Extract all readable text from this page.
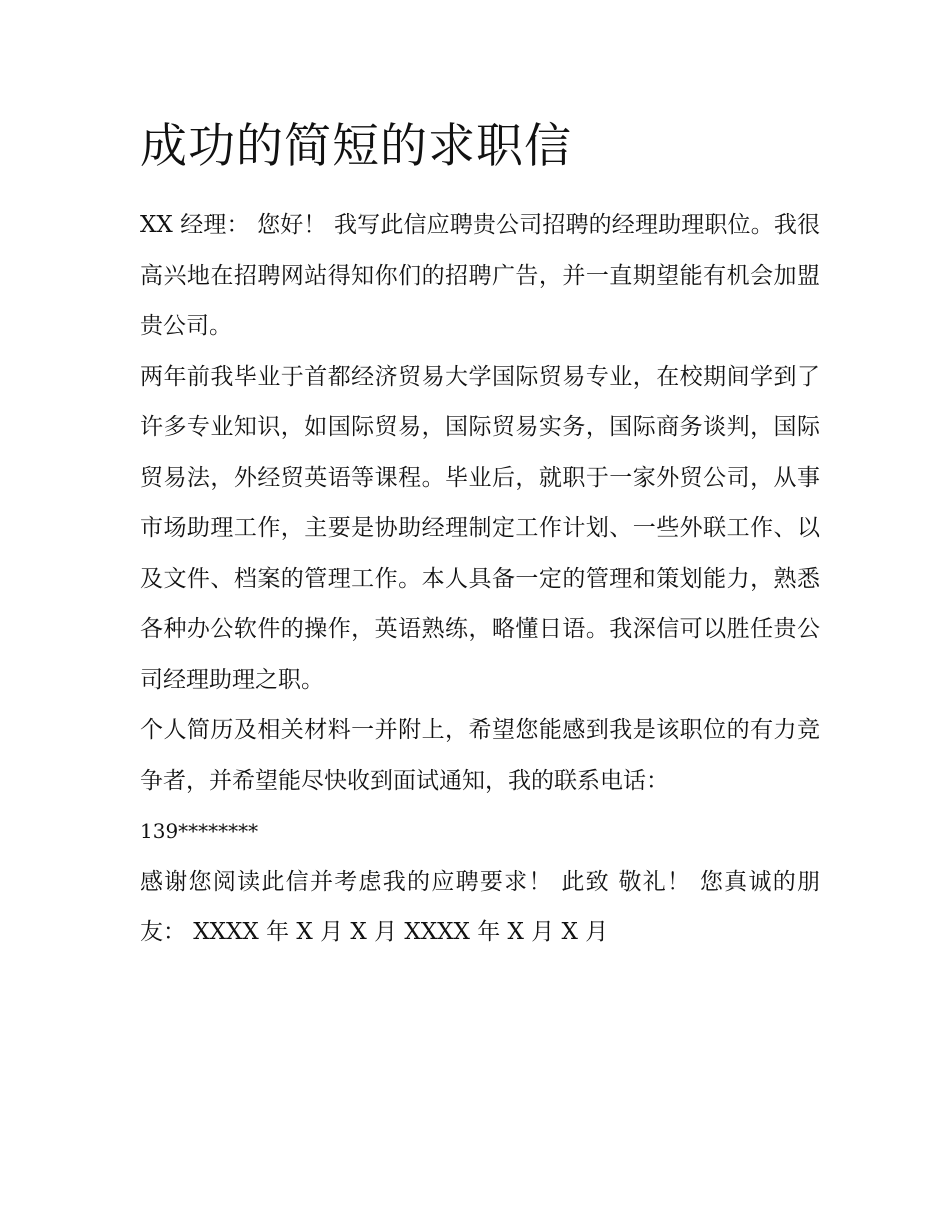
成功的简短的求职信

XX 经理： 您好！ 我写此信应聘贵公司招聘的经理助理职位。我很高兴地在招聘网站得知你们的招聘广告，并一直期望能有机会加盟贵公司。

两年前我毕业于首都经济贸易大学国际贸易专业，在校期间学到了许多专业知识，如国际贸易，国际贸易实务，国际商务谈判，国际贸易法，外经贸英语等课程。毕业后，就职于一家外贸公司，从事市场助理工作，主要是协助经理制定工作计划、一些外联工作、以及文件、档案的管理工作。本人具备一定的管理和策划能力，熟悉各种办公软件的操作，英语熟练，略懂日语。我深信可以胜任贵公司经理助理之职。

个人简历及相关材料一并附上，希望您能感到我是该职位的有力竞争者，并希望能尽快收到面试通知，我的联系电话：

139********

感谢您阅读此信并考虑我的应聘要求！ 此致 敬礼！ 您真诚的朋友： XXXX 年 X 月 X 月 XXXX 年 X 月 X 月
